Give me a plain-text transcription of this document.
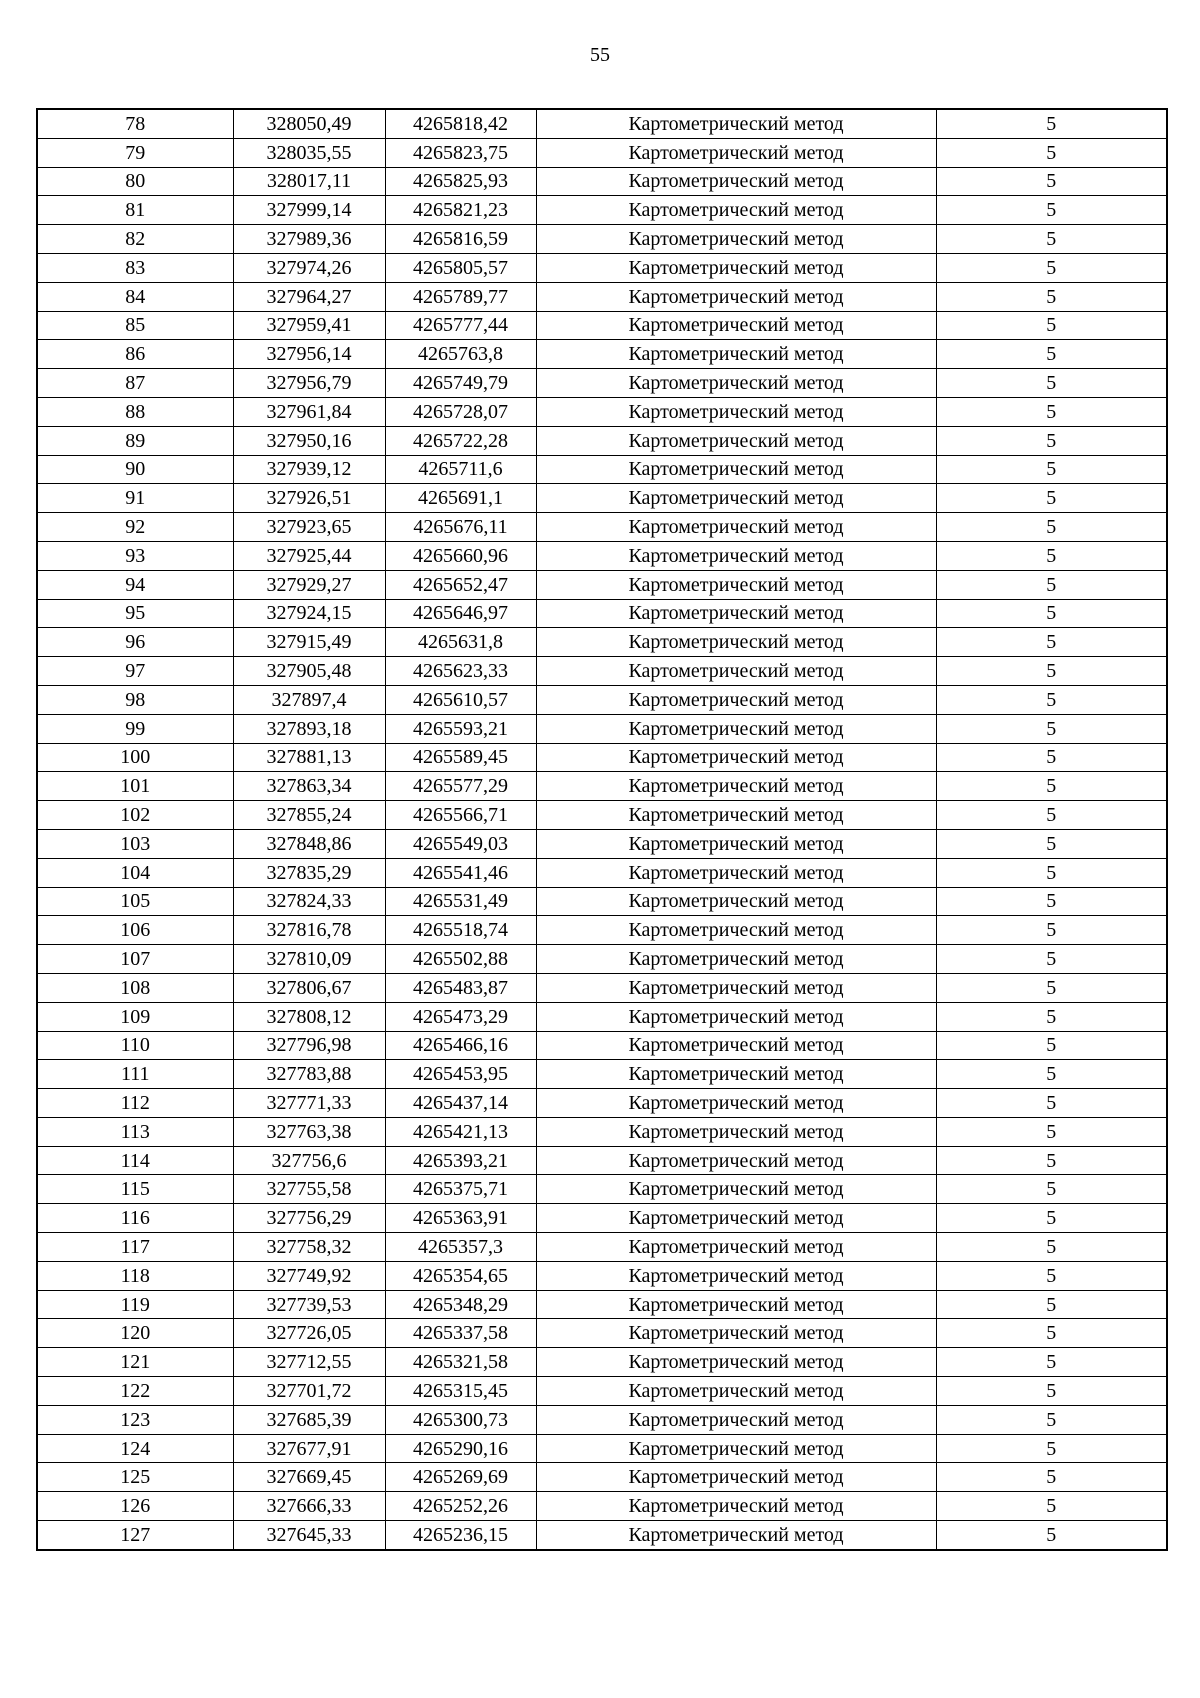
55
78	328050,49	4265818,42	Картометрический метод	5
79	328035,55	4265823,75	Картометрический метод	5
80	328017,11	4265825,93	Картометрический метод	5
81	327999,14	4265821,23	Картометрический метод	5
82	327989,36	4265816,59	Картометрический метод	5
83	327974,26	4265805,57	Картометрический метод	5
84	327964,27	4265789,77	Картометрический метод	5
85	327959,41	4265777,44	Картометрический метод	5
86	327956,14	4265763,8	Картометрический метод	5
87	327956,79	4265749,79	Картометрический метод	5
88	327961,84	4265728,07	Картометрический метод	5
89	327950,16	4265722,28	Картометрический метод	5
90	327939,12	4265711,6	Картометрический метод	5
91	327926,51	4265691,1	Картометрический метод	5
92	327923,65	4265676,11	Картометрический метод	5
93	327925,44	4265660,96	Картометрический метод	5
94	327929,27	4265652,47	Картометрический метод	5
95	327924,15	4265646,97	Картометрический метод	5
96	327915,49	4265631,8	Картометрический метод	5
97	327905,48	4265623,33	Картометрический метод	5
98	327897,4	4265610,57	Картометрический метод	5
99	327893,18	4265593,21	Картометрический метод	5
100	327881,13	4265589,45	Картометрический метод	5
101	327863,34	4265577,29	Картометрический метод	5
102	327855,24	4265566,71	Картометрический метод	5
103	327848,86	4265549,03	Картометрический метод	5
104	327835,29	4265541,46	Картометрический метод	5
105	327824,33	4265531,49	Картометрический метод	5
106	327816,78	4265518,74	Картометрический метод	5
107	327810,09	4265502,88	Картометрический метод	5
108	327806,67	4265483,87	Картометрический метод	5
109	327808,12	4265473,29	Картометрический метод	5
110	327796,98	4265466,16	Картометрический метод	5
111	327783,88	4265453,95	Картометрический метод	5
112	327771,33	4265437,14	Картометрический метод	5
113	327763,38	4265421,13	Картометрический метод	5
114	327756,6	4265393,21	Картометрический метод	5
115	327755,58	4265375,71	Картометрический метод	5
116	327756,29	4265363,91	Картометрический метод	5
117	327758,32	4265357,3	Картометрический метод	5
118	327749,92	4265354,65	Картометрический метод	5
119	327739,53	4265348,29	Картометрический метод	5
120	327726,05	4265337,58	Картометрический метод	5
121	327712,55	4265321,58	Картометрический метод	5
122	327701,72	4265315,45	Картометрический метод	5
123	327685,39	4265300,73	Картометрический метод	5
124	327677,91	4265290,16	Картометрический метод	5
125	327669,45	4265269,69	Картометрический метод	5
126	327666,33	4265252,26	Картометрический метод	5
127	327645,33	4265236,15	Картометрический метод	5
